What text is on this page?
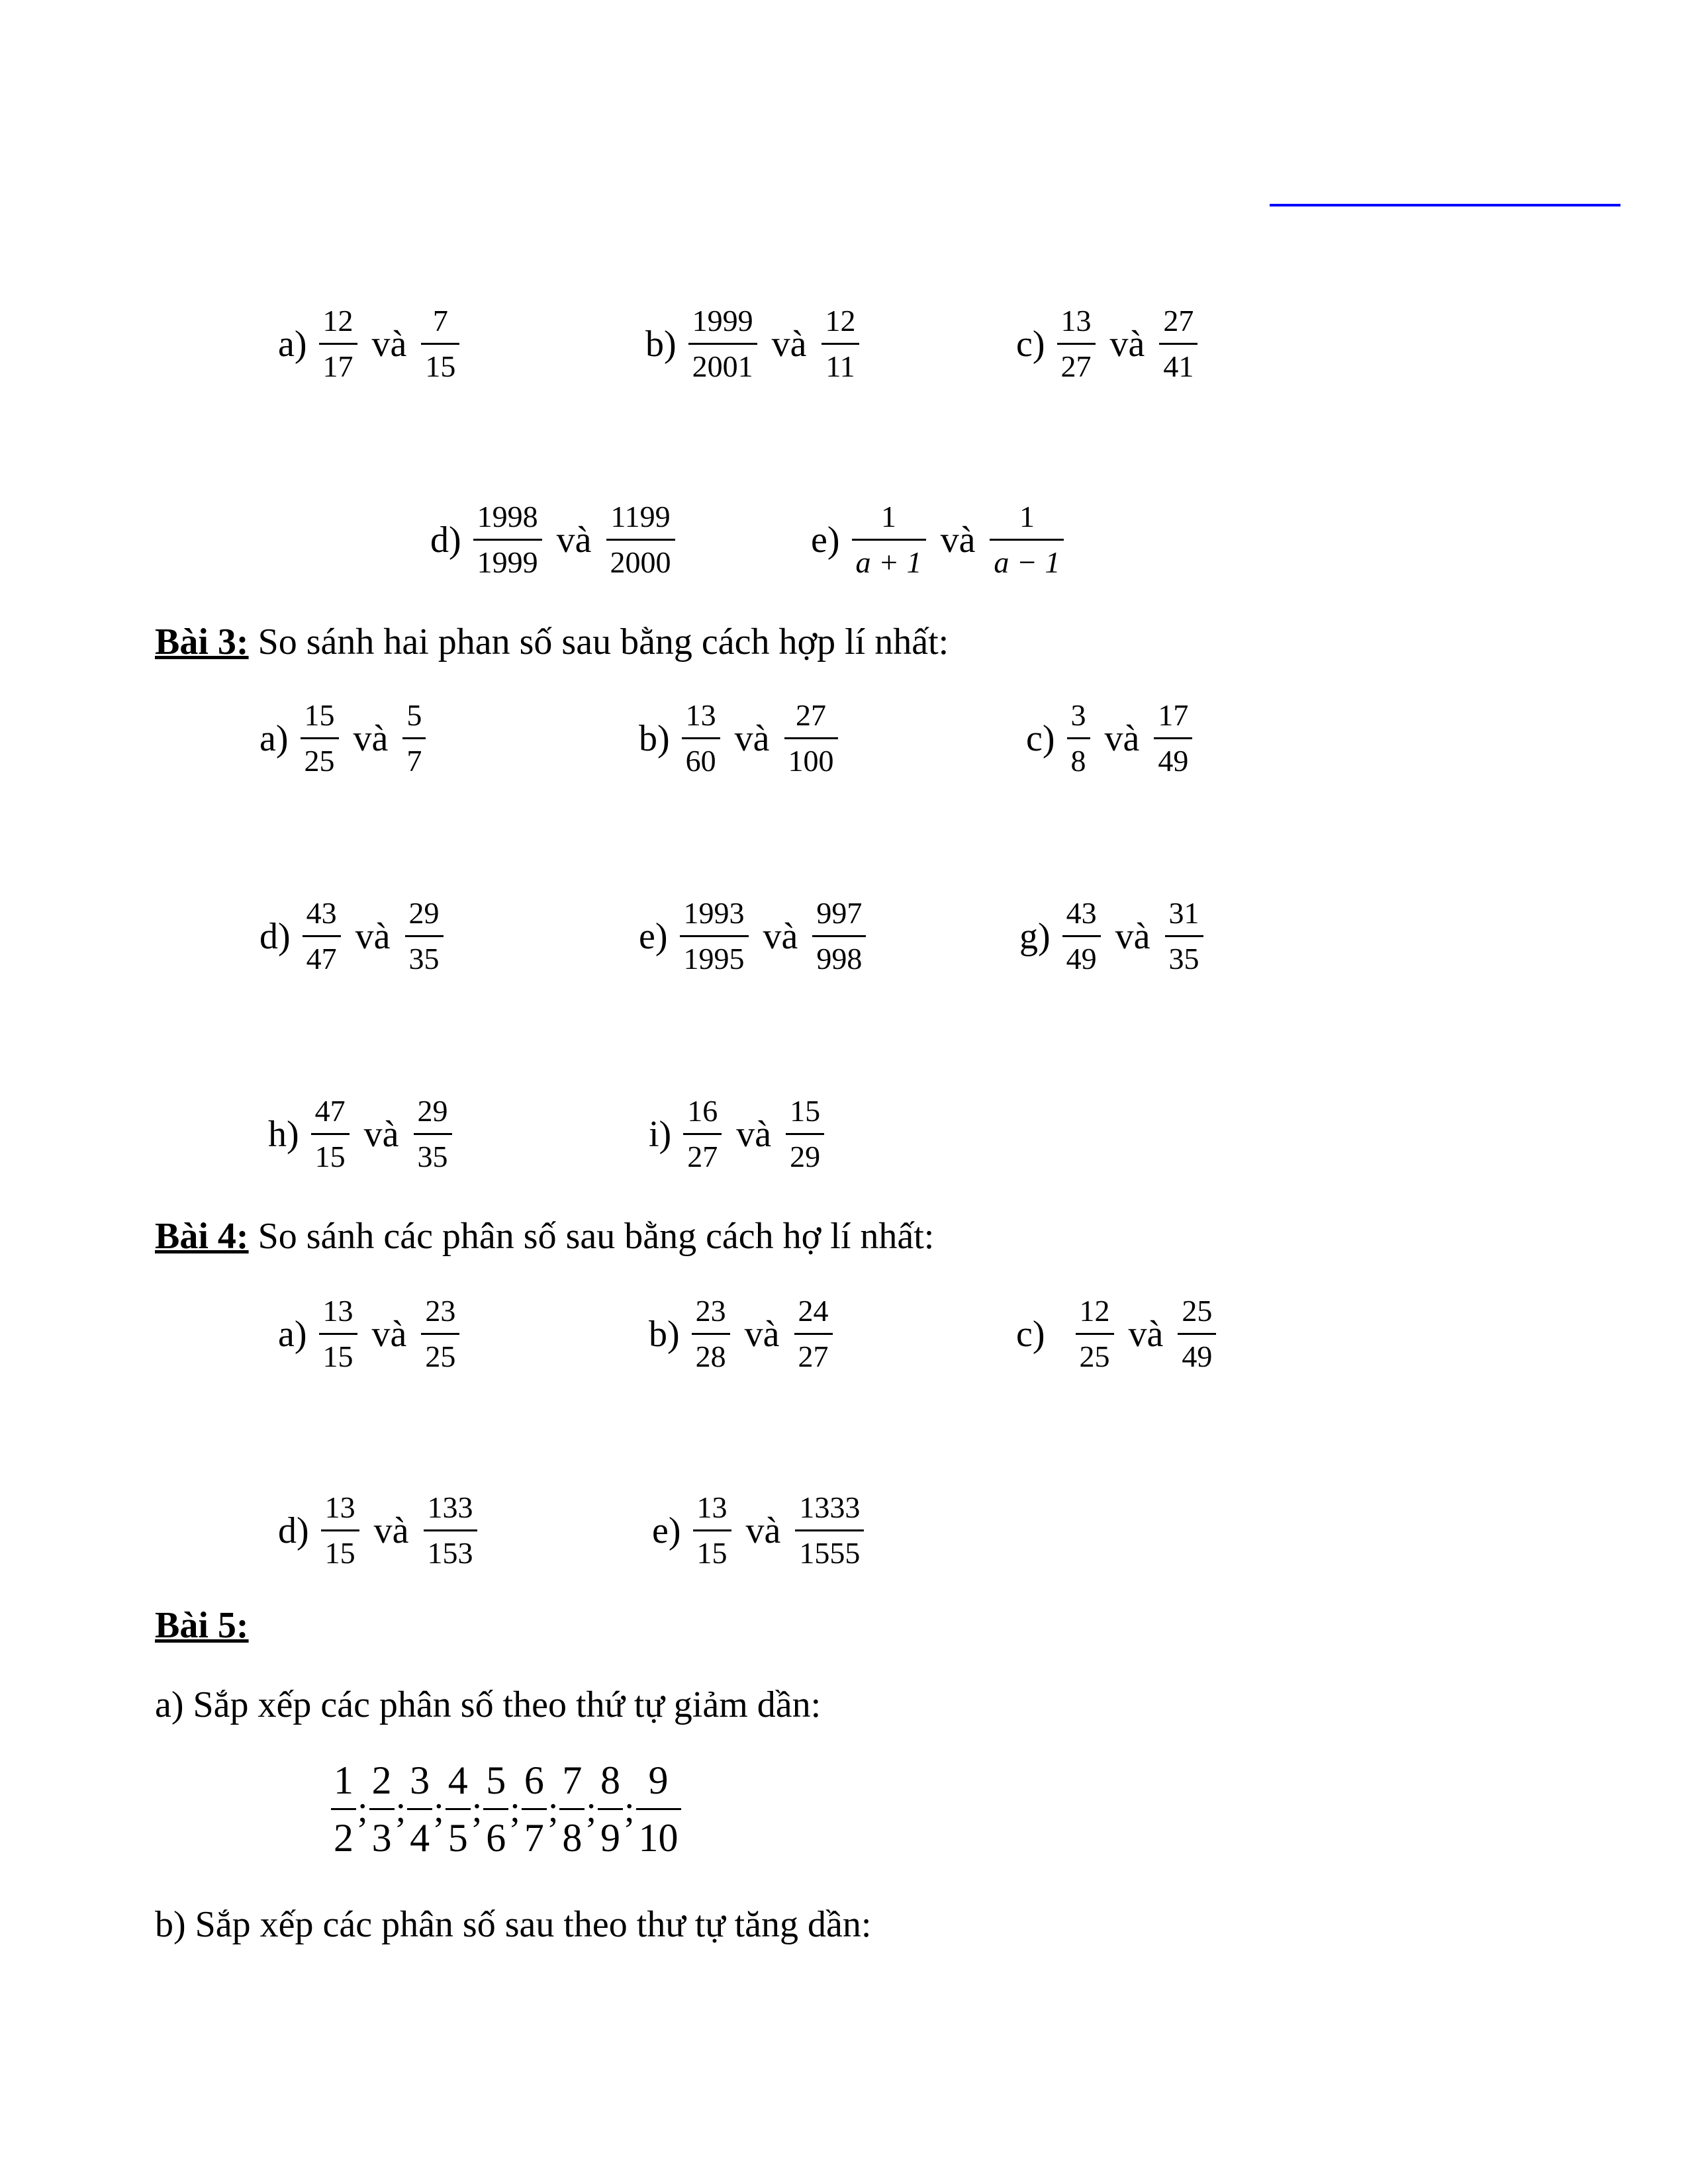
$a) \frac{12}{17}$ và $\frac{7}{15}$	$b) \frac{1999}{2001}$ và $\frac{12}{11}$	$c) \frac{13}{27}$ và $\frac{27}{41}$
$d) \frac{1998}{1999}$ và $\frac{1199}{2000}$	$e) \frac{1}{a + 1}$ và $\frac{1}{a - 1}$
Bài 3: So sánh hai phan số sau bằng cách hợp lí nhất:
$a) \frac{15}{25}$ và $\frac{5}{7}$	$b) \frac{13}{60}$ và $\frac{27}{100}$	$c) \frac{3}{8}$ và $\frac{17}{49}$
$d) \frac{43}{47}$ và $\frac{29}{35}$	$e) \frac{1993}{1995}$ và $\frac{997}{998}$	$g) \frac{43}{49}$ và $\frac{31}{35}$
$h) \frac{47}{15}$ và $\frac{29}{35}$	$i) \frac{16}{27}$ và $\frac{15}{29}$
Bài 4: So sánh các phân số sau bằng cách hợ lí nhất:
$a) \frac{13}{15}$ và $\frac{23}{25}$	$b) \frac{23}{28}$ và $\frac{24}{27}$	$c) \frac{12}{25}$ và $\frac{25}{49}$
$d) \frac{13}{15}$ và $\frac{133}{153}$	$e) \frac{13}{15}$ và $\frac{1333}{1555}$
Bài 5:
a) Sắp xếp các phân số theo thứ tự giảm dần:
$\frac{1}{2}$ ; $\frac{2}{3}$ ; $\frac{3}{4}$ ; $\frac{4}{5}$ ; $\frac{5}{6}$ ; $\frac{6}{7}$ ; $\frac{7}{8}$ ; $\frac{8}{9}$ ; $\frac{9}{10}$
b) Sắp xếp các phân số sau theo thư tự tăng dần:
